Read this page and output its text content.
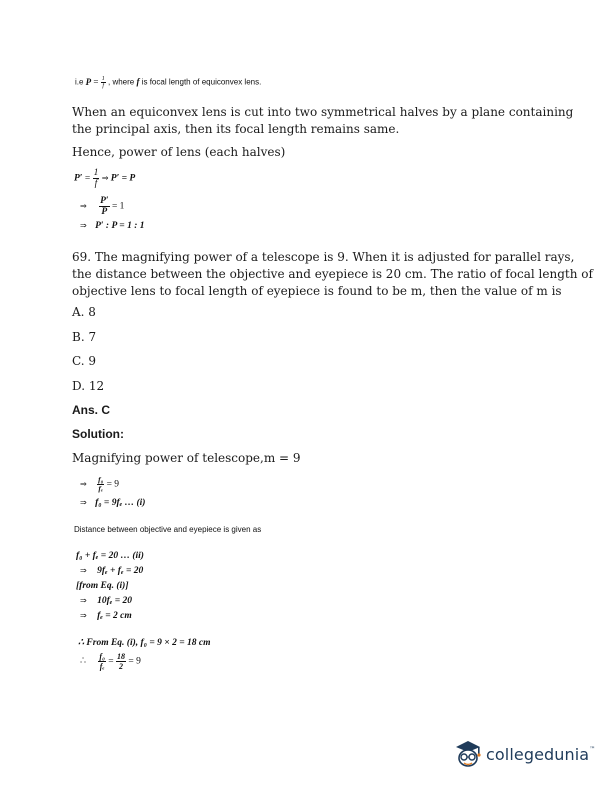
i.e $P = \frac{1}{f}$ , where f is focal length of equiconvex lens.
When an equiconvex lens is cut into two symmetrical halves by a plane containing
the principal axis, then its focal length remains same.
Hence, power of lens (each halves)
$P' = \frac{1}{f}$ ⇒ P′ = P
⇒ $\frac{P'}{P} = 1$
⇒ P′ : P = 1 : 1
69. The magnifying power of a telescope is 9. When it is adjusted for parallel rays,
the distance between the objective and eyepiece is 20 cm. The ratio of focal length of
objective lens to focal length of eyepiece is found to be m, then the value of m is
A. 8
B. 7
C. 9
D. 12
Ans. C
Solution:
Magnifying power of telescope,m = 9
⇒ $\frac{\text{f₀}}{\text{fₑ}} = 9$
⇒ f₀ = 9fₑ … (i)
Distance between objective and eyepiece is given as
f₀ + fₑ = 20 … (ii)
⇒ 9fₑ + fₑ = 20
[from Eq. (i)]
⇒ 10fₑ = 20
⇒ fₑ = 2 cm
∴ From Eq. (i), f₀ = 9 × 2 = 18 cm
∴ $\frac{\text{f₀}}{\text{fₑ}} = \frac{18}{2} = 9$
collegedunia ™
